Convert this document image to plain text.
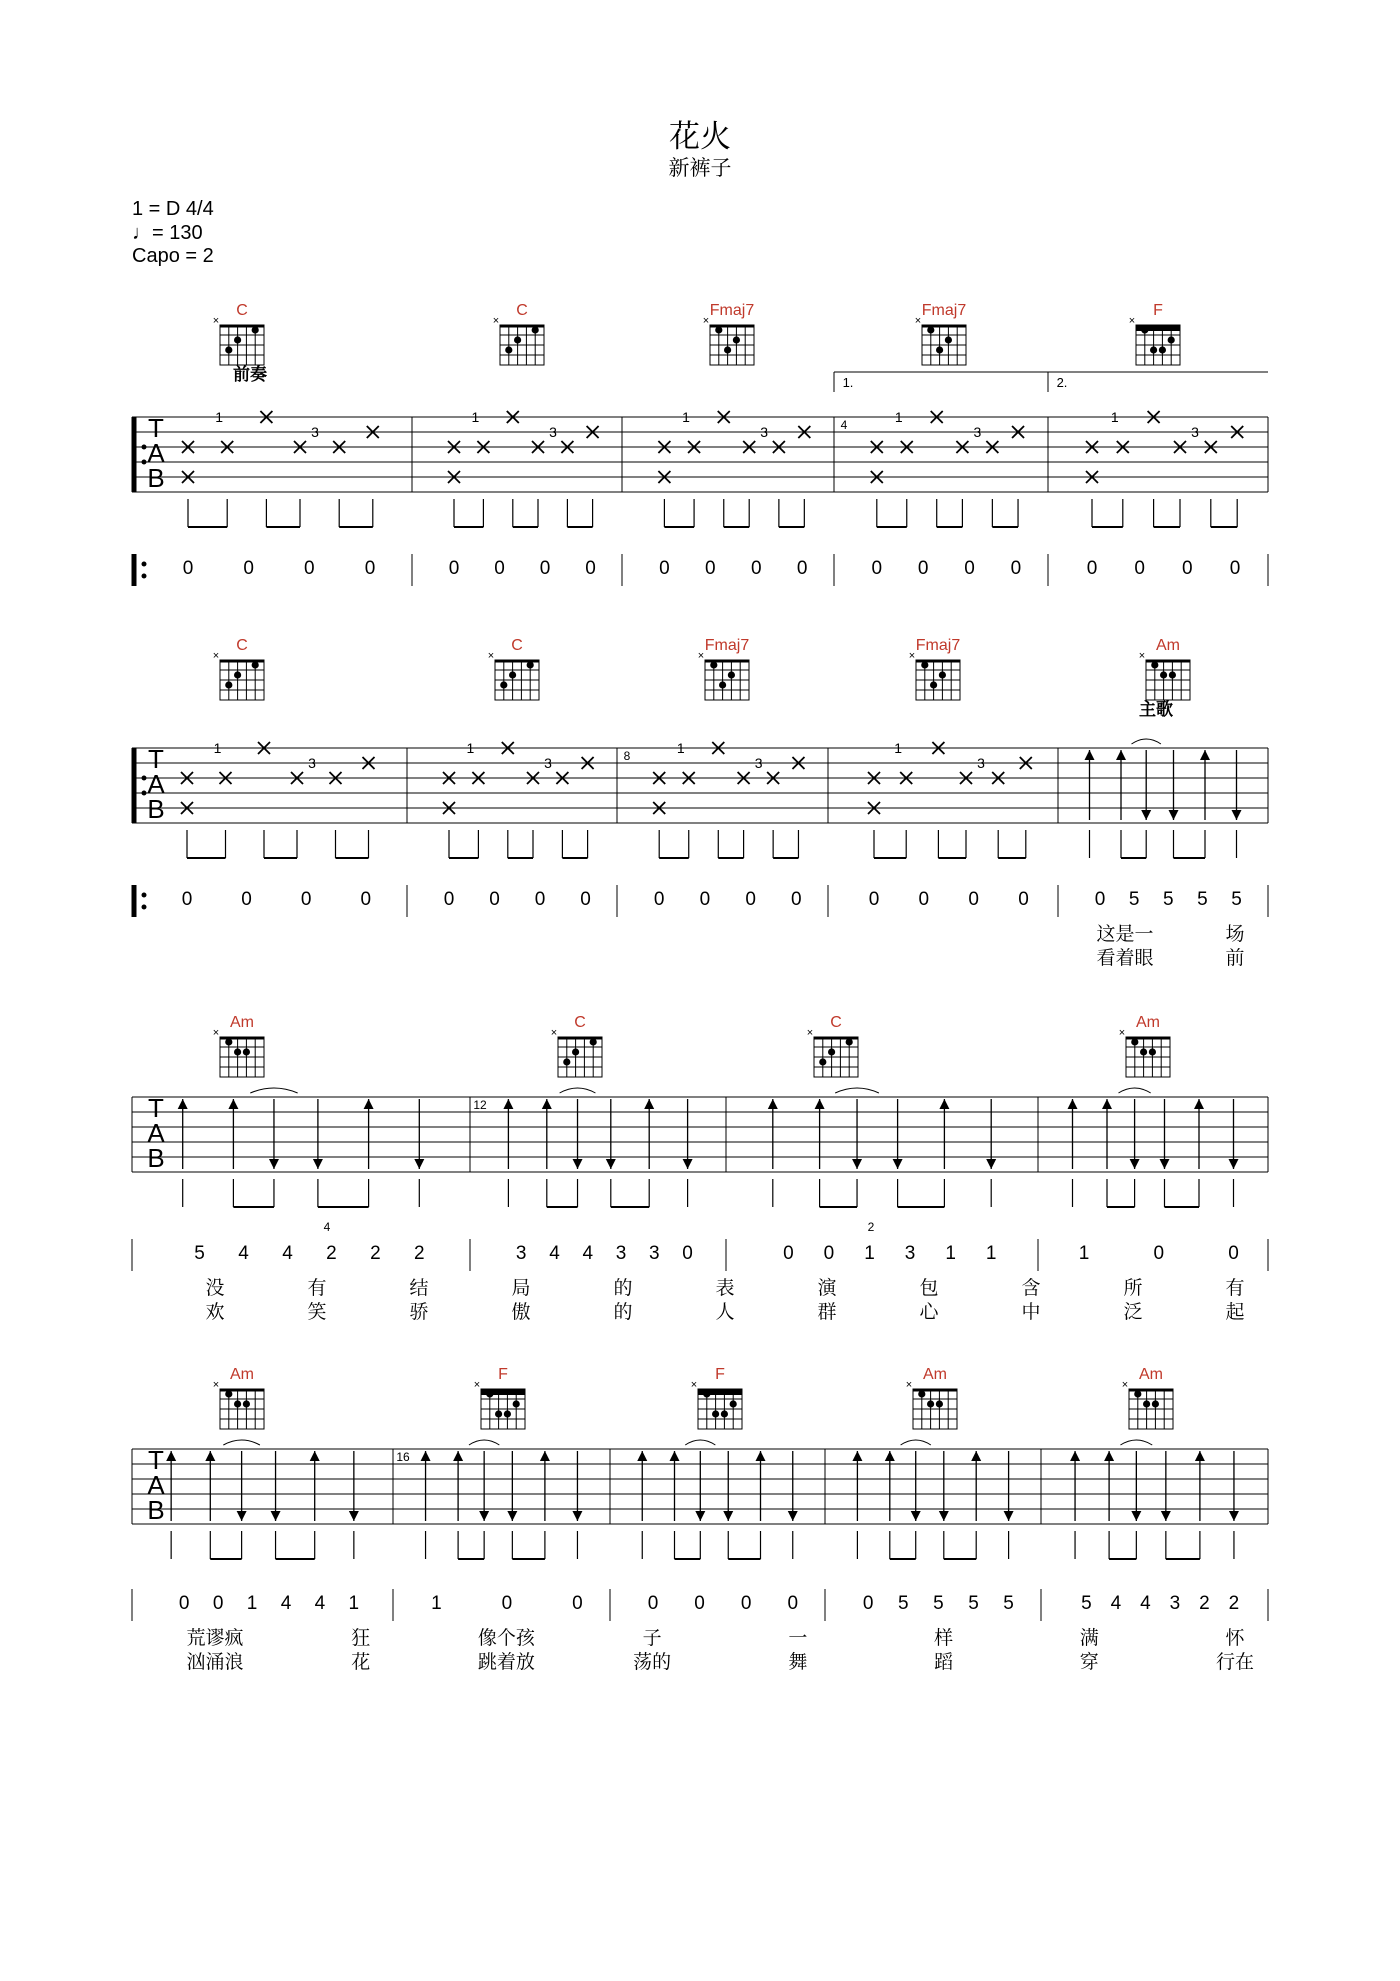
花火
新裤子
1 = D 4/4
♩= 130
Capo = 2
T
A
B
C
×
C
×
Fmaj7
×
Fmaj7
×
F
×
前奏
4
1
3
1
3
1
3
1
3
1
3
1.	2.
0	0	0	0	0 0 0 0	0 0 0 0	0 0 0 0	0 0 0 0
T
A
B
C
×
C
×
Fmaj7
×
Fmaj7
×
Am
×
主歌
8
1
3
1
3
1
3
1
3
0	0	0	0	0 0 0 0	0 0 0 0	0 0 0 0	0 5 5 5 5
这是一	场
看着眼	前
T
A
B
Am
×
C
×
C
×
Am
×
12
5 4 4 2 2 2	3 4 4 3 3 0	0 0 1 3 1 1	1	0	0
4	2
没	有	结	局	的	表	演	包	含	所	有
欢	笑	骄	傲	的	人	群	心	中	泛	起
T
A
B
Am
×
F
×
F
×
Am
×
Am
×
16
0 0 1 4 4 1	1	0	0	0 0 0 0	0 5 5 5 5	5 4 4 3 2 2
荒谬疯	狂	像个孩	子	一	样	满	怀
汹涌浪	花	跳着放	荡的	舞	蹈	穿	行在
